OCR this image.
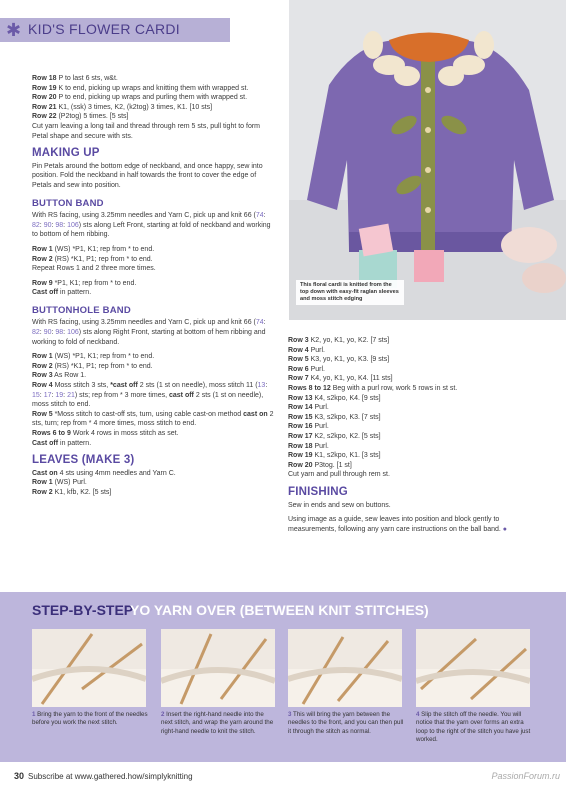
✱ KID'S FLOWER CARDI
This floral cardi is knitted from the top down with easy-fit raglan sleeves and moss stitch edging

Row 18 P to last 6 sts, w&t.

Row 19 K to end, picking up wraps and knitting them with wrapped st.

Row 20 P to end, picking up wraps and purling them with wrapped st.

Row 21 K1, (ssk) 3 times, K2, (k2tog) 3 times, K1. [10 sts]

Row 22 (P2tog) 5 times. [5 sts]

Cut yarn leaving a long tail and thread through rem 5 sts, pull tight to form Petal shape and secure with sts.

MAKING UP

Pin Petals around the bottom edge of neckband, and once happy, sew into position. Fold the neckband in half towards the front to cover the edge of Petals and sew into position.

BUTTON BAND

With RS facing, using 3.25mm needles and Yarn C, pick up and knit 66 (74: 82: 90: 98: 106) sts along Left Front, starting at fold of neckband and working to bottom of hem ribbing.

Row 1 (WS) *P1, K1; rep from * to end.

Row 2 (RS) *K1, P1; rep from * to end.

Repeat Rows 1 and 2 three more times.

Row 9 *P1, K1; rep from * to end.

Cast off in pattern.

BUTTONHOLE BAND

With RS facing, using 3.25mm needles and Yarn C, pick up and knit 66 (74: 82: 90: 98: 106) sts along Right Front, starting at bottom of hem ribbing and working to fold of neckband.

Row 1 (WS) *P1, K1; rep from * to end.

Row 2 (RS) *K1, P1; rep from * to end.

Row 3 As Row 1.

Row 4 Moss stitch 3 sts, *cast off 2 sts (1 st on needle), moss stitch 11 (13: 15: 17: 19: 21) sts; rep from * 3 more times, cast off 2 sts (1 st on needle), moss stitch to end.

Row 5 *Moss stitch to cast-off sts, turn, using cable cast-on method cast on 2 sts, turn; rep from * 4 more times, moss stitch to end.

Rows 6 to 9 Work 4 rows in moss stitch as set.

Cast off in pattern.

LEAVES (MAKE 3)

Cast on 4 sts using 4mm needles and Yarn C.

Row 1 (WS) Purl.

Row 2 K1, kfb, K2. [5 sts]

Row 3 K2, yo, K1, yo, K2. [7 sts]

Row 4 Purl.

Row 5 K3, yo, K1, yo, K3. [9 sts]

Row 6 Purl.

Row 7 K4, yo, K1, yo, K4. [11 sts]

Rows 8 to 12 Beg with a purl row, work 5 rows in st st.

Row 13 K4, s2kpo, K4. [9 sts]

Row 14 Purl.

Row 15 K3, s2kpo, K3. [7 sts]

Row 16 Purl.

Row 17 K2, s2kpo, K2. [5 sts]

Row 18 Purl.

Row 19 K1, s2kpo, K1. [3 sts]

Row 20 P3tog. [1 st]

Cut yarn and pull through rem st.

FINISHING

Sew in ends and sew on buttons.

Using image as a guide, sew leaves into position and block gently to measurements, following any yarn care instructions on the ball band. ●

STEP-BY-STEP
YO YARN OVER (BETWEEN KNIT STITCHES)
1 Bring the yarn to the front of the needles before you work the next stitch.
2 Insert the right-hand needle into the next stitch, and wrap the yarn around the right-hand needle to knit the stitch.
3 This will bring the yarn between the needles to the front, and you can then pull it through the stitch as normal.
4 Slip the stitch off the needle. You will notice that the yarn over forms an extra loop to the right of the stitch you have just worked.
30 Subscribe at www.gathered.how/simplyknitting	PassionForum.ru
